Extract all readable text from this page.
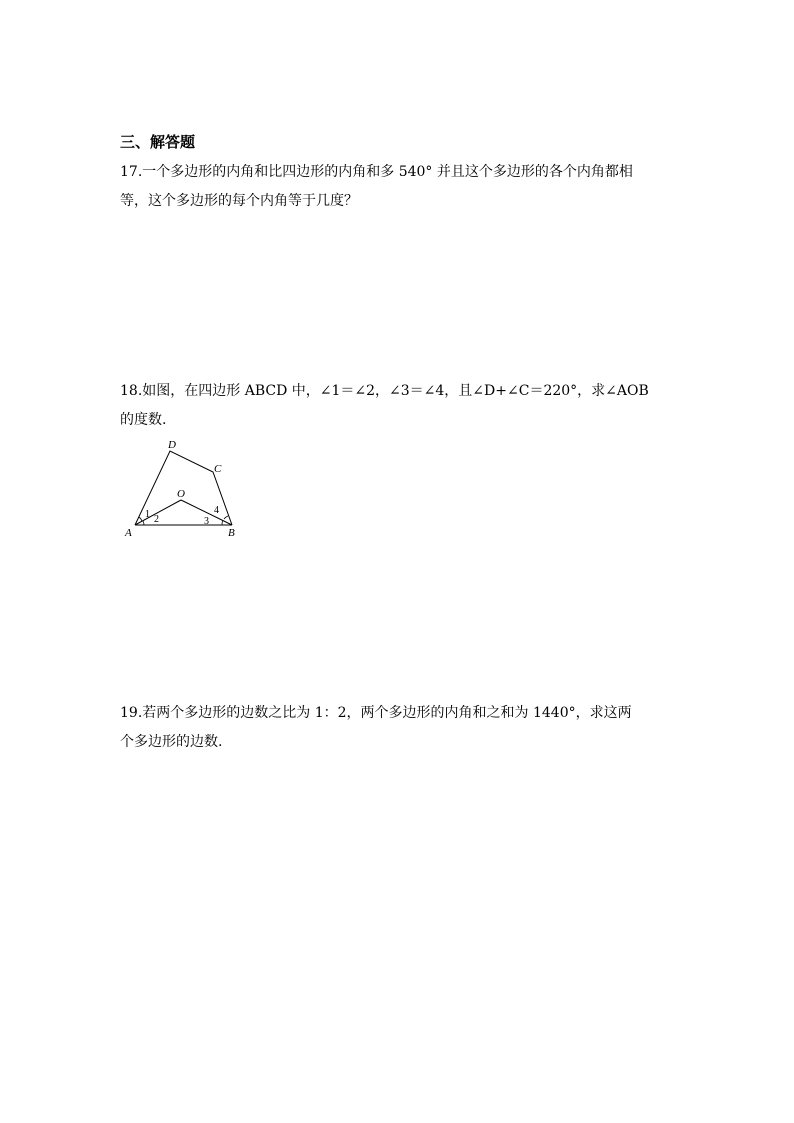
三、解答题
17.一个多边形的内角和比四边形的内角和多 540° 并且这个多边形的各个内角都相
等，这个多边形的每个内角等于几度？
18.如图，在四边形 ABCD 中，∠1＝∠2，∠3＝∠4，且∠D+∠C＝220°，求∠AOB
的度数.
A	B
C
D
O
1 2	3
4
19.若两个多边形的边数之比为 1：2，两个多边形的内角和之和为 1440°，求这两
个多边形的边数.
